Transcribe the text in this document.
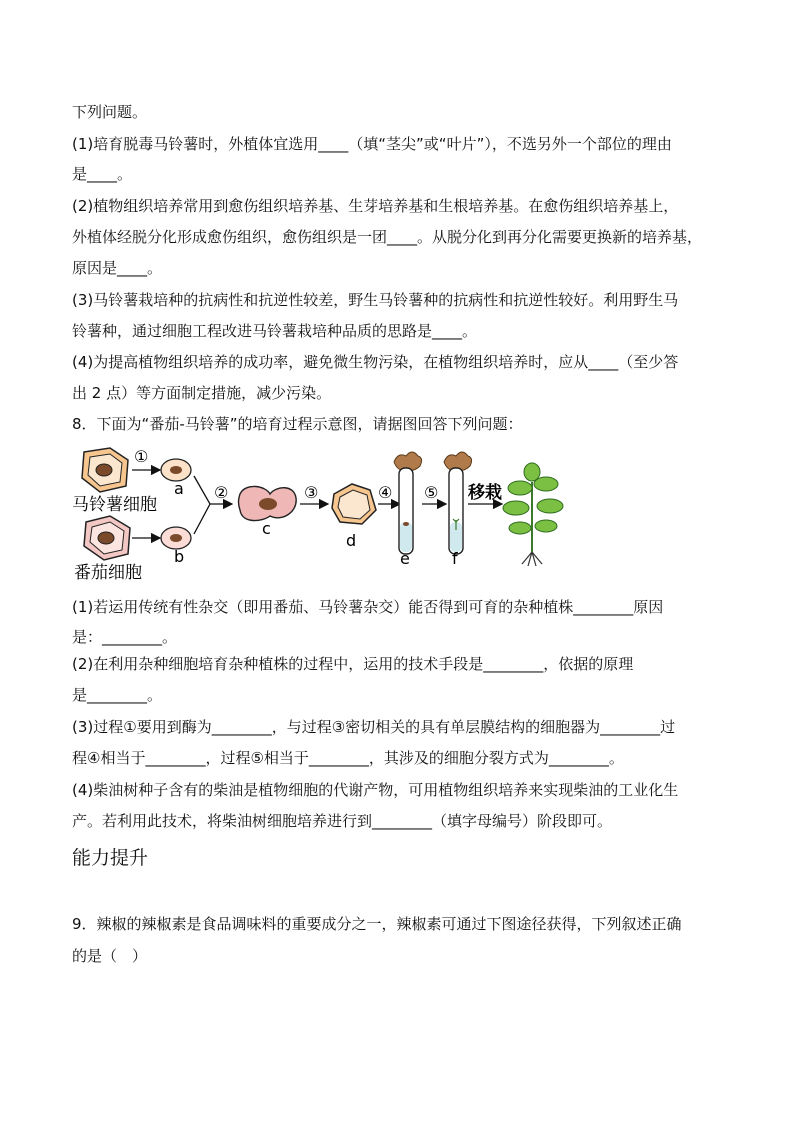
下列问题。
(1)培育脱毒马铃薯时，外植体宜选用____（填“茎尖”或“叶片”），不选另外一个部位的理由
是____。
(2)植物组织培养常用到愈伤组织培养基、生芽培养基和生根培养基。在愈伤组织培养基上，
外植体经脱分化形成愈伤组织，愈伤组织是一团____。从脱分化到再分化需要更换新的培养基，
原因是____。
(3)马铃薯栽培种的抗病性和抗逆性较差，野生马铃薯种的抗病性和抗逆性较好。利用野生马
铃薯种，通过细胞工程改进马铃薯栽培种品质的思路是____。
(4)为提高植物组织培养的成功率，避免微生物污染，在植物组织培养时，应从____（至少答
出 2 点）等方面制定措施，减少污染。
8．下面为“番茄-马铃薯”的培育过程示意图，请据图回答下列问题：
①
a
马铃薯细胞
b
番茄细胞
②
c
③
d
④
e
⑤
f
移栽
(1)若运用传统有性杂交（即用番茄、马铃薯杂交）能否得到可育的杂种植株________原因
是：________。
(2)在利用杂种细胞培育杂种植株的过程中，运用的技术手段是________，依据的原理
是________。
(3)过程①要用到酶为________，与过程③密切相关的具有单层膜结构的细胞器为________过
程④相当于________，过程⑤相当于________，其涉及的细胞分裂方式为________。
(4)柴油树种子含有的柴油是植物细胞的代谢产物，可用植物组织培养来实现柴油的工业化生
产。若利用此技术，将柴油树细胞培养进行到________（填字母编号）阶段即可。
能力提升
9．辣椒的辣椒素是食品调味料的重要成分之一，辣椒素可通过下图途径获得，下列叙述正确
的是（　）
